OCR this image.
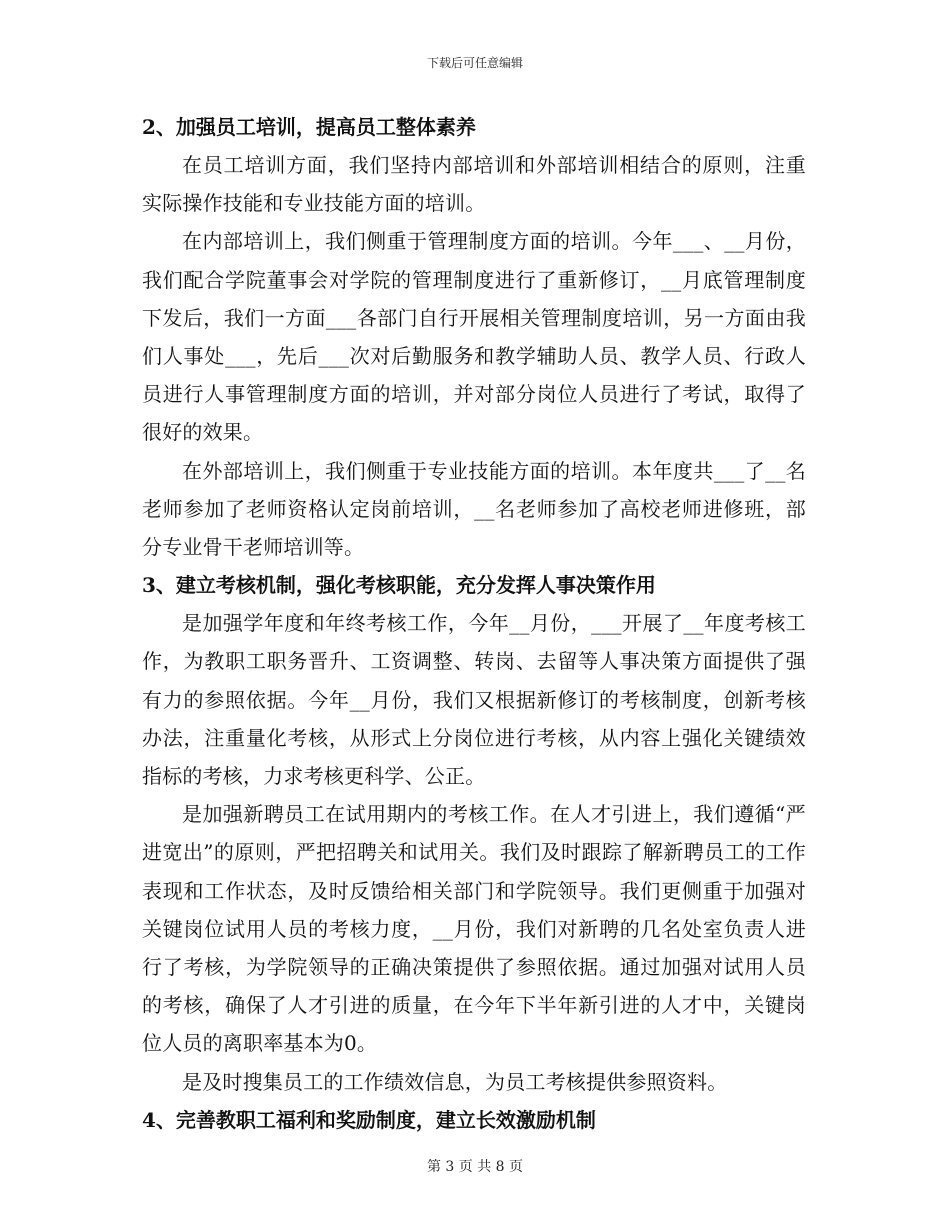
下载后可任意编辑

2、加强员工培训，提高员工整体素养

在员工培训方面，我们坚持内部培训和外部培训相结合的原则，注重实际操作技能和专业技能方面的培训。

在内部培训上，我们侧重于管理制度方面的培训。今年___、__月份，我们配合学院董事会对学院的管理制度进行了重新修订，__月底管理制度下发后，我们一方面___各部门自行开展相关管理制度培训，另一方面由我们人事处___，先后___次对后勤服务和教学辅助人员、教学人员、行政人员进行人事管理制度方面的培训，并对部分岗位人员进行了考试，取得了很好的效果。

在外部培训上，我们侧重于专业技能方面的培训。本年度共___了__名老师参加了老师资格认定岗前培训，__名老师参加了高校老师进修班，部分专业骨干老师培训等。

3、建立考核机制，强化考核职能，充分发挥人事决策作用

是加强学年度和年终考核工作，今年__月份，___开展了__年度考核工作，为教职工职务晋升、工资调整、转岗、去留等人事决策方面提供了强有力的参照依据。今年__月份，我们又根据新修订的考核制度，创新考核办法，注重量化考核，从形式上分岗位进行考核，从内容上强化关键绩效指标的考核，力求考核更科学、公正。

是加强新聘员工在试用期内的考核工作。在人才引进上，我们遵循“严进宽出”的原则，严把招聘关和试用关。我们及时跟踪了解新聘员工的工作表现和工作状态，及时反馈给相关部门和学院领导。我们更侧重于加强对关键岗位试用人员的考核力度，__月份，我们对新聘的几名处室负责人进行了考核，为学院领导的正确决策提供了参照依据。通过加强对试用人员的考核，确保了人才引进的质量，在今年下半年新引进的人才中，关键岗位人员的离职率基本为0。

是及时搜集员工的工作绩效信息，为员工考核提供参照资料。

4、完善教职工福利和奖励制度，建立长效激励机制

第 3 页 共 8 页
